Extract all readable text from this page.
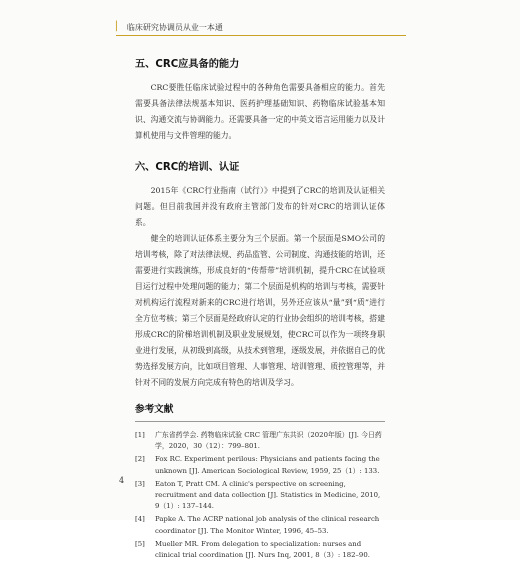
▏ 临床研究协调员从业一本通
五、CRC应具备的能力

CRC要胜任临床试验过程中的各种角色需要具备相应的能力。首先需要具备法律法规基本知识、医药护理基础知识、药物临床试验基本知识、沟通交流与协调能力。还需要具备一定的中英文语言运用能力以及计算机使用与文件管理的能力。

六、CRC的培训、认证

2015年《CRC行业指南（试行）》中提到了CRC的培训及认证相关问题。但目前我国并没有政府主管部门发布的针对CRC的培训认证体系。

健全的培训认证体系主要分为三个层面。第一个层面是SMO公司的培训考核，除了对法律法规、药品监管、公司制度、沟通技能的培训，还需要进行实践演练，形成良好的“传帮带”培训机制，提升CRC在试验项目运行过程中处理问题的能力；第二个层面是机构的培训与考核，需要针对机构运行流程对新来的CRC进行培训，另外还应该从“量”到“质”进行全方位考核；第三个层面是经政府认定的行业协会组织的培训考核，搭建形成CRC的阶梯培训机制及职业发展规划，使CRC可以作为一项终身职业进行发展，从初级到高级，从技术到管理，逐级发展，并依据自己的优势选择发展方向，比如项目管理、人事管理、培训管理、质控管理等，并针对不同的发展方向完成有特色的培训及学习。

参考文献
[1]	广东省药学会. 药物临床试验 CRC 管理广东共识（2020年版）[J]. 今日药学，2020，30（12）：799–801.
[2]	Fox RC. Experiment perilous: Physicians and patients facing the unknown [J]. American Sociological Review, 1959, 25（1）: 133.
[3]	Eaton T, Pratt CM. A clinic's perspective on screening, recruitment and data collection [J]. Statistics in Medicine, 2010, 9（1）: 137–144.
[4]	Papke A. The ACRP national job analysis of the clinical research coordinator [J]. The Monitor Winter, 1996, 45–53.
[5]	Mueller MR. From delegation to specialization: nurses and clinical trial coordination [J]. Nurs Inq, 2001, 8（3）: 182–90.
4
